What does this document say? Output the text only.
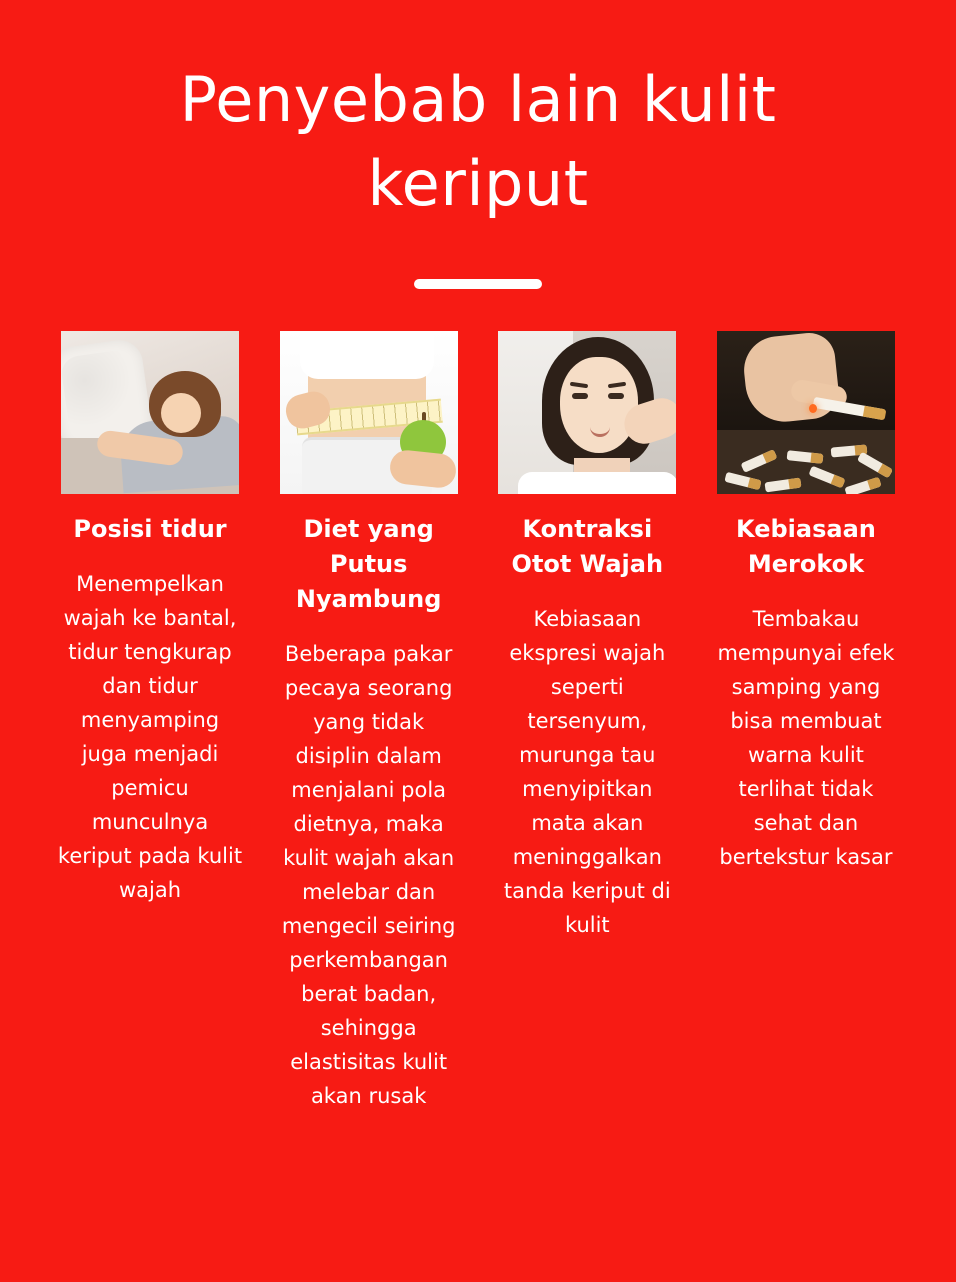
Penyebab lain kulit keriput
Posisi tidur
Menempelkan wajah ke bantal, tidur tengkurap dan tidur menyamping juga menjadi pemicu munculnya keriput pada kulit wajah
Diet yang Putus Nyambung
Beberapa pakar pecaya seorang yang tidak disiplin dalam menjalani pola dietnya, maka kulit wajah akan melebar dan mengecil seiring perkembangan berat badan, sehingga elastisitas kulit akan rusak
Kontraksi Otot Wajah
Kebiasaan ekspresi wajah seperti tersenyum, murunga tau menyipitkan mata akan meninggalkan tanda keriput di kulit
Kebiasaan Merokok
Tembakau mempunyai efek samping yang bisa membuat warna kulit terlihat tidak sehat dan bertekstur kasar
